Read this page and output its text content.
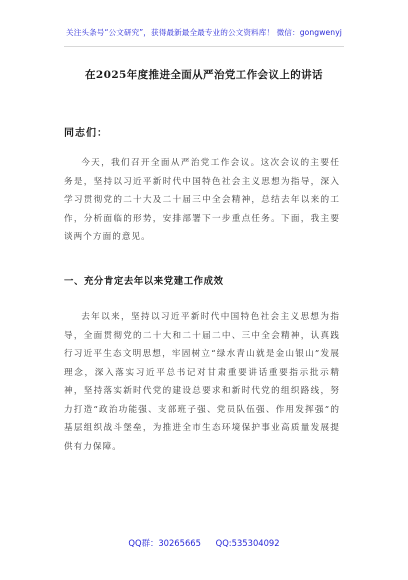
关注头条号“公文研究”，获得最新最全最专业的公文资料库！ 微信：gongwenyj
在2025年度推进全面从严治党工作会议上的讲话
同志们：
今天，我们召开全面从严治党工作会议。这次会议的主要任务是，坚持以习近平新时代中国特色社会主义思想为指导，深入学习贯彻党的二十大及二十届三中全会精神，总结去年以来的工作，分析面临的形势，安排部署下一步重点任务。下面，我主要谈两个方面的意见。
一、充分肯定去年以来党建工作成效
去年以来，坚持以习近平新时代中国特色社会主义思想为指导，全面贯彻党的二十大和二十届二中、三中全会精神，认真践行习近平生态文明思想，牢固树立“绿水青山就是金山银山”发展理念，深入落实习近平总书记对甘肃重要讲话重要指示批示精神，坚持落实新时代党的建设总要求和新时代党的组织路线，努力打造“政治功能强、支部班子强、党员队伍强、作用发挥强”的基层组织战斗堡垒，为推进全市生态环境保护事业高质量发展提供有力保障。
QQ群：30265665 QQ:535304092
